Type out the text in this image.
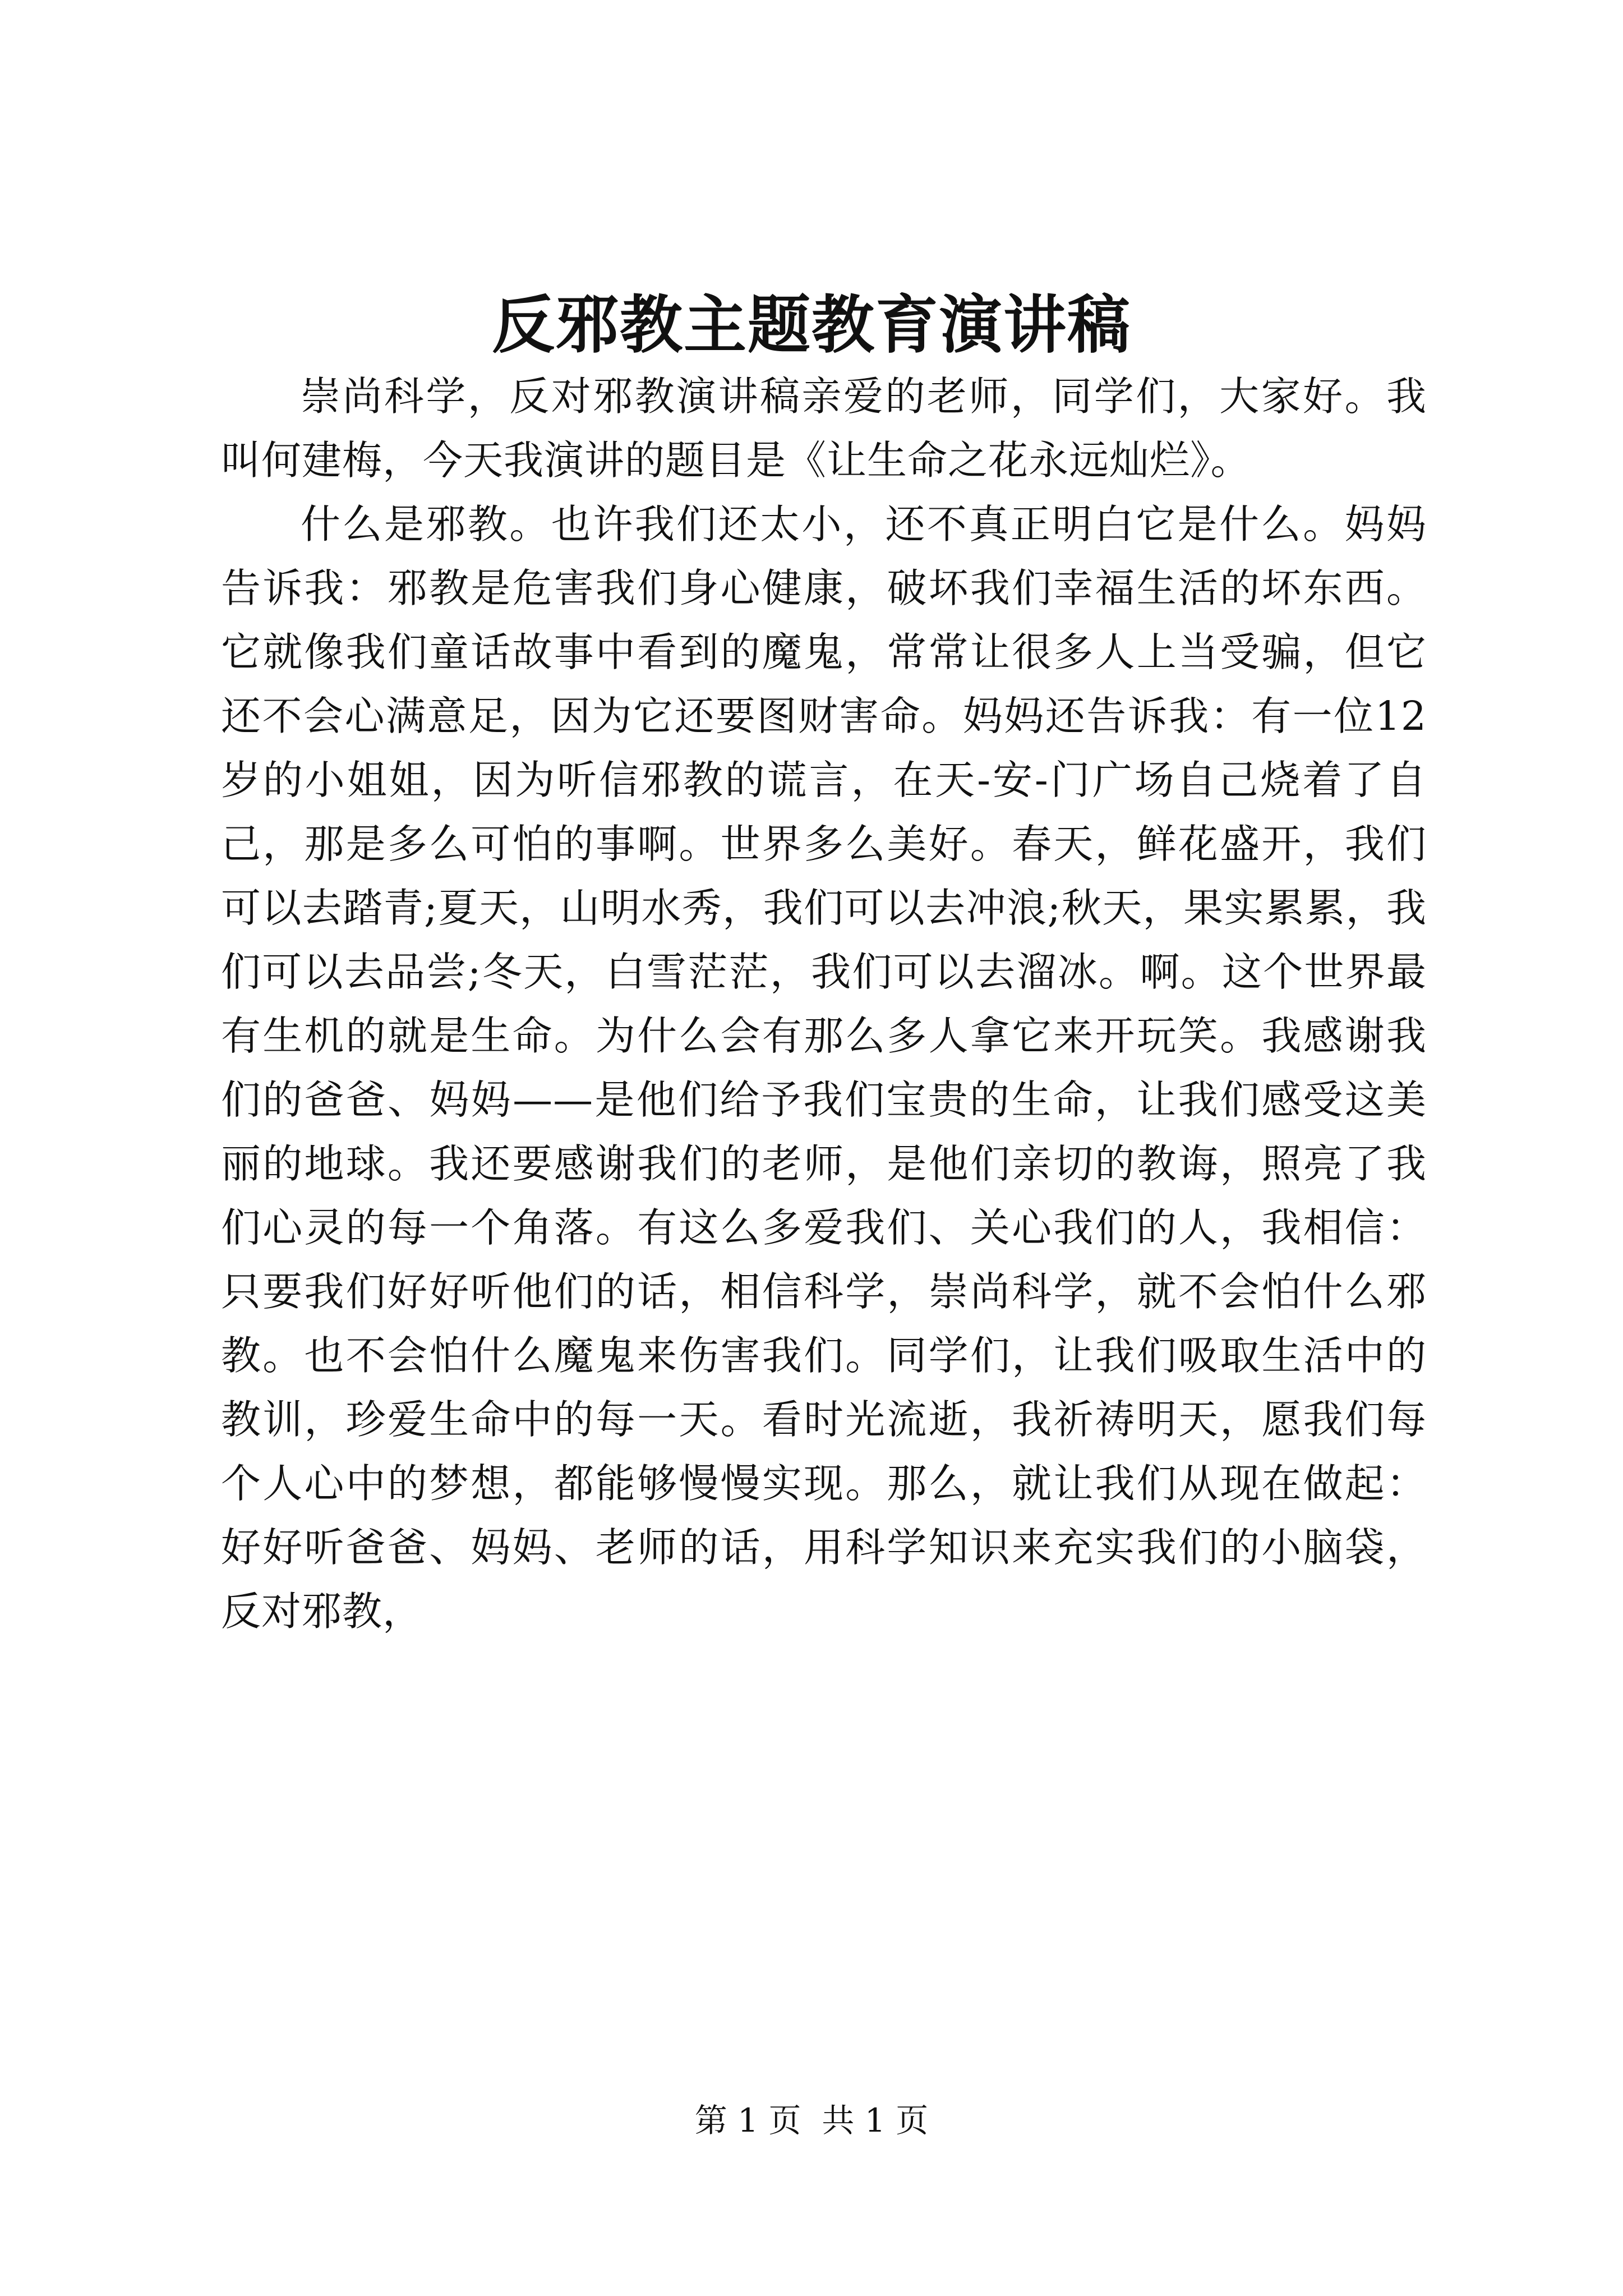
反邪教主题教育演讲稿

崇尚科学，反对邪教演讲稿亲爱的老师，同学们，大家好。我叫何建梅，今天我演讲的题目是《让生命之花永远灿烂》。

什么是邪教。也许我们还太小，还不真正明白它是什么。妈妈告诉我：邪教是危害我们身心健康，破坏我们幸福生活的坏东西。它就像我们童话故事中看到的魔鬼，常常让很多人上当受骗，但它还不会心满意足，因为它还要图财害命。妈妈还告诉我：有一位12岁的小姐姐，因为听信邪教的谎言，在天-安-门广场自己烧着了自己，那是多么可怕的事啊。世界多么美好。春天，鲜花盛开，我们可以去踏青;夏天，山明水秀，我们可以去冲浪;秋天，果实累累，我们可以去品尝;冬天，白雪茫茫，我们可以去溜冰。啊。这个世界最有生机的就是生命。为什么会有那么多人拿它来开玩笑。我感谢我们的爸爸、妈妈——是他们给予我们宝贵的生命，让我们感受这美丽的地球。我还要感谢我们的老师，是他们亲切的教诲，照亮了我们心灵的每一个角落。有这么多爱我们、关心我们的人，我相信：只要我们好好听他们的话，相信科学，崇尚科学，就不会怕什么邪教。也不会怕什么魔鬼来伤害我们。同学们，让我们吸取生活中的教训，珍爱生命中的每一天。看时光流逝，我祈祷明天，愿我们每个人心中的梦想，都能够慢慢实现。那么，就让我们从现在做起：好好听爸爸、妈妈、老师的话，用科学知识来充实我们的小脑袋，反对邪教，

第 1 页  共 1 页
